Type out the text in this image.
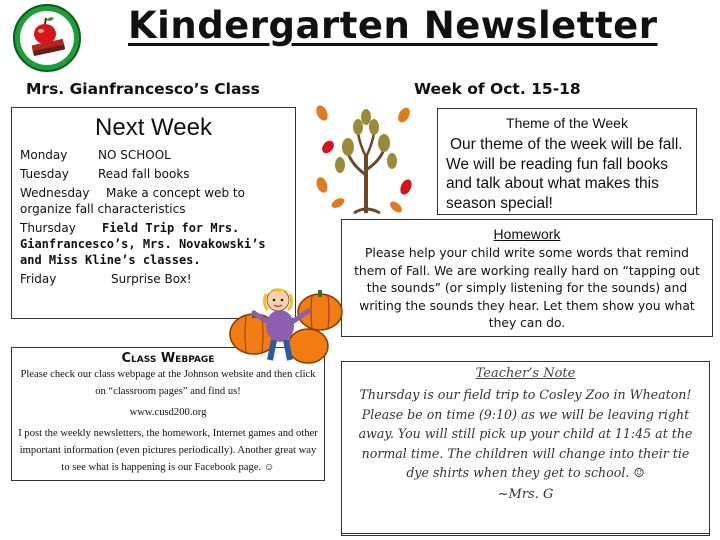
Kindergarten Newsletter
Mrs. Gianfrancesco’s Class	Week of Oct. 15-18
Next Week
Monday	NO SCHOOL
Tuesday Read fall books
Wednesday Make a concept web to organize fall characteristics
Thursday Field Trip for Mrs. Gianfrancesco’s, Mrs. Novakowski’s and Miss Kline’s classes.
Friday	Surprise Box!
Theme of the Week
Our theme of the week will be fall. We will be reading fun fall books and talk about what makes this season special!
Homework
Please help your child write some words that remind them of Fall. We are working really hard on “tapping out the sounds” (or simply listening for the sounds) and writing the sounds they hear. Let them show you what they can do.
Class Webpage

Please check our class webpage at the Johnson website and then click on “classroom pages” and find us!

www.cusd200.org

I post the weekly newsletters, the homework, Internet games and other important information (even pictures periodically). Another great way to see what is happening is our Facebook page. ☺

Teacher’s Note
Thursday is our field trip to Cosley Zoo in Wheaton! Please be on time (9:10) as we will be leaving right away. You will still pick up your child at 11:45 at the normal time. The children will change into their tie dye shirts when they get to school. ☺
~Mrs. G
